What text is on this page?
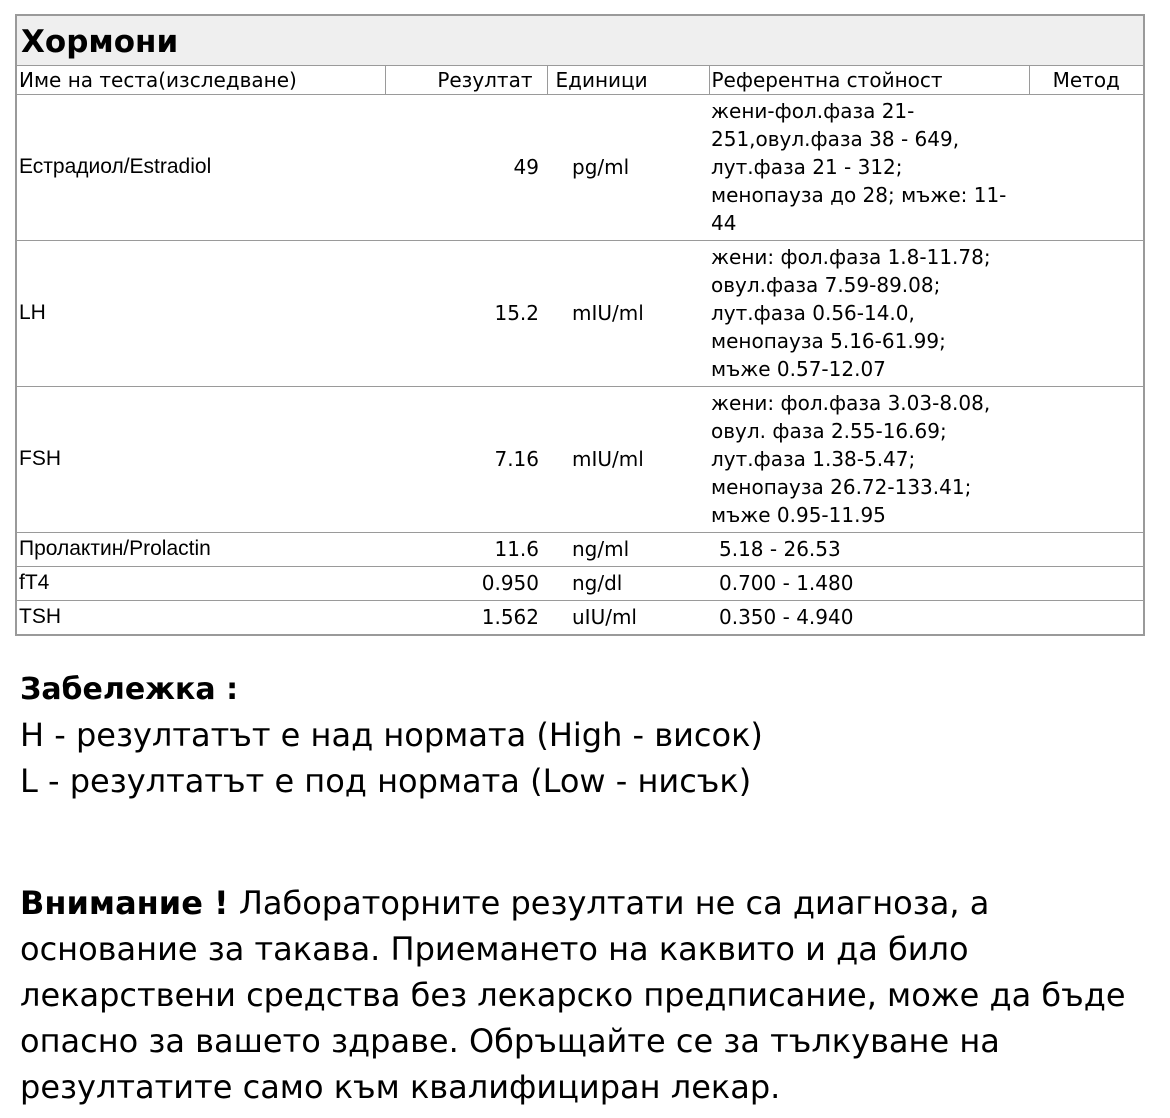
Хормони
Име на теста(изследване)	Резултат	Единици	Референтна стойност	Метод
Естрадиол/Estradiol	49	pg/ml	жени-фол.фаза 21-
251,овул.фаза 38 - 649,
лут.фаза 21 - 312;
менопауза до 28; мъже: 11-
44	
LH	15.2	mIU/ml	жени: фол.фаза 1.8-11.78;
овул.фаза 7.59-89.08;
лут.фаза 0.56-14.0,
менопауза 5.16-61.99;
мъже 0.57-12.07	
FSH	7.16	mIU/ml	жени: фол.фаза 3.03-8.08,
овул. фаза 2.55-16.69;
лут.фаза 1.38-5.47;
менопауза 26.72-133.41;
мъже 0.95-11.95	
Пролактин/Prolactin	11.6	ng/ml	5.18 - 26.53	
fT4	0.950	ng/dl	0.700 - 1.480	
TSH	1.562	uIU/ml	0.350 - 4.940	
Забележка :
H - резултатът е над нормата (High - висок)
L - резултатът е под нормата (Low - нисък)
Внимание ! Лабораторните резултати не са диагноза, а основание за такава. Приемането на каквито и да било лекарствени средства без лекарско предписание, може да бъде опасно за вашето здраве. Обръщайте се за тълкуване на резултатите само към квалифициран лекар.
